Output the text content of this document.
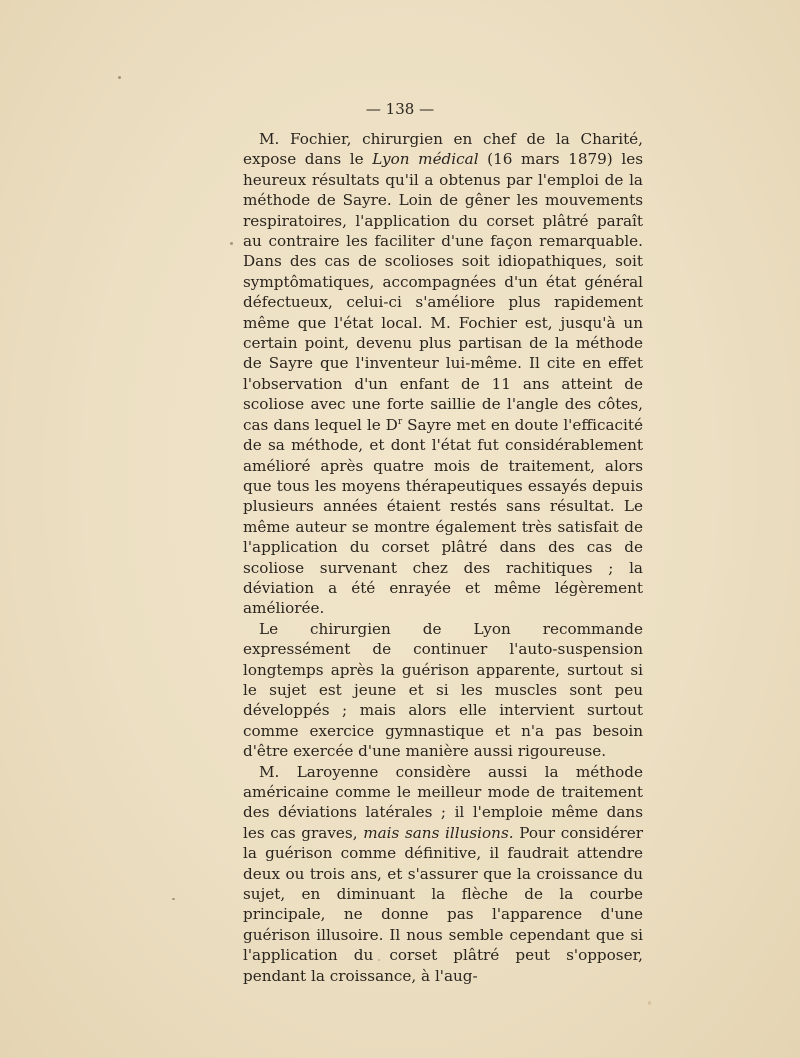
— 138 —

M. Fochier, chirurgien en chef de la Charité, expose dans le Lyon médical (16 mars 1879) les heureux résultats qu'il a obtenus par l'emploi de la méthode de Sayre. Loin de gêner les mouvements respiratoires, l'application du corset plâtré paraît au contraire les faciliter d'une façon remarquable. Dans des cas de scolioses soit idiopathiques, soit symptômatiques, accompagnées d'un état général défectueux, celui-ci s'améliore plus rapidement même que l'état local. M. Fochier est, jusqu'à un certain point, devenu plus partisan de la méthode de Sayre que l'inventeur lui-même. Il cite en effet l'observation d'un enfant de 11 ans atteint de scoliose avec une forte saillie de l'angle des côtes, cas dans lequel le $D^r$ Sayre met en doute l'efficacité de sa méthode, et dont l'état fut considérablement amélioré après quatre mois de traitement, alors que tous les moyens thérapeutiques essayés depuis plusieurs années étaient restés sans résultat. Le même auteur se montre également très satisfait de l'application du corset plâtré dans des cas de scoliose survenant chez des rachitiques ; la déviation a été enrayée et même légèrement améliorée.

Le chirurgien de Lyon recommande expressément de continuer l'auto-suspension longtemps après la guérison apparente, surtout si le sujet est jeune et si les muscles sont peu développés ; mais alors elle intervient surtout comme exercice gymnastique et n'a pas besoin d'être exercée d'une manière aussi rigoureuse.

M. Laroyenne considère aussi la méthode américaine comme le meilleur mode de traitement des déviations latérales ; il l'emploie même dans les cas graves, mais sans illusions. Pour considérer la guérison comme définitive, il faudrait attendre deux ou trois ans, et s'assurer que la croissance du sujet, en diminuant la flèche de la courbe principale, ne donne pas l'apparence d'une guérison illusoire. Il nous semble cependant que si l'application du corset plâtré peut s'opposer, pendant la croissance, à l'aug-
